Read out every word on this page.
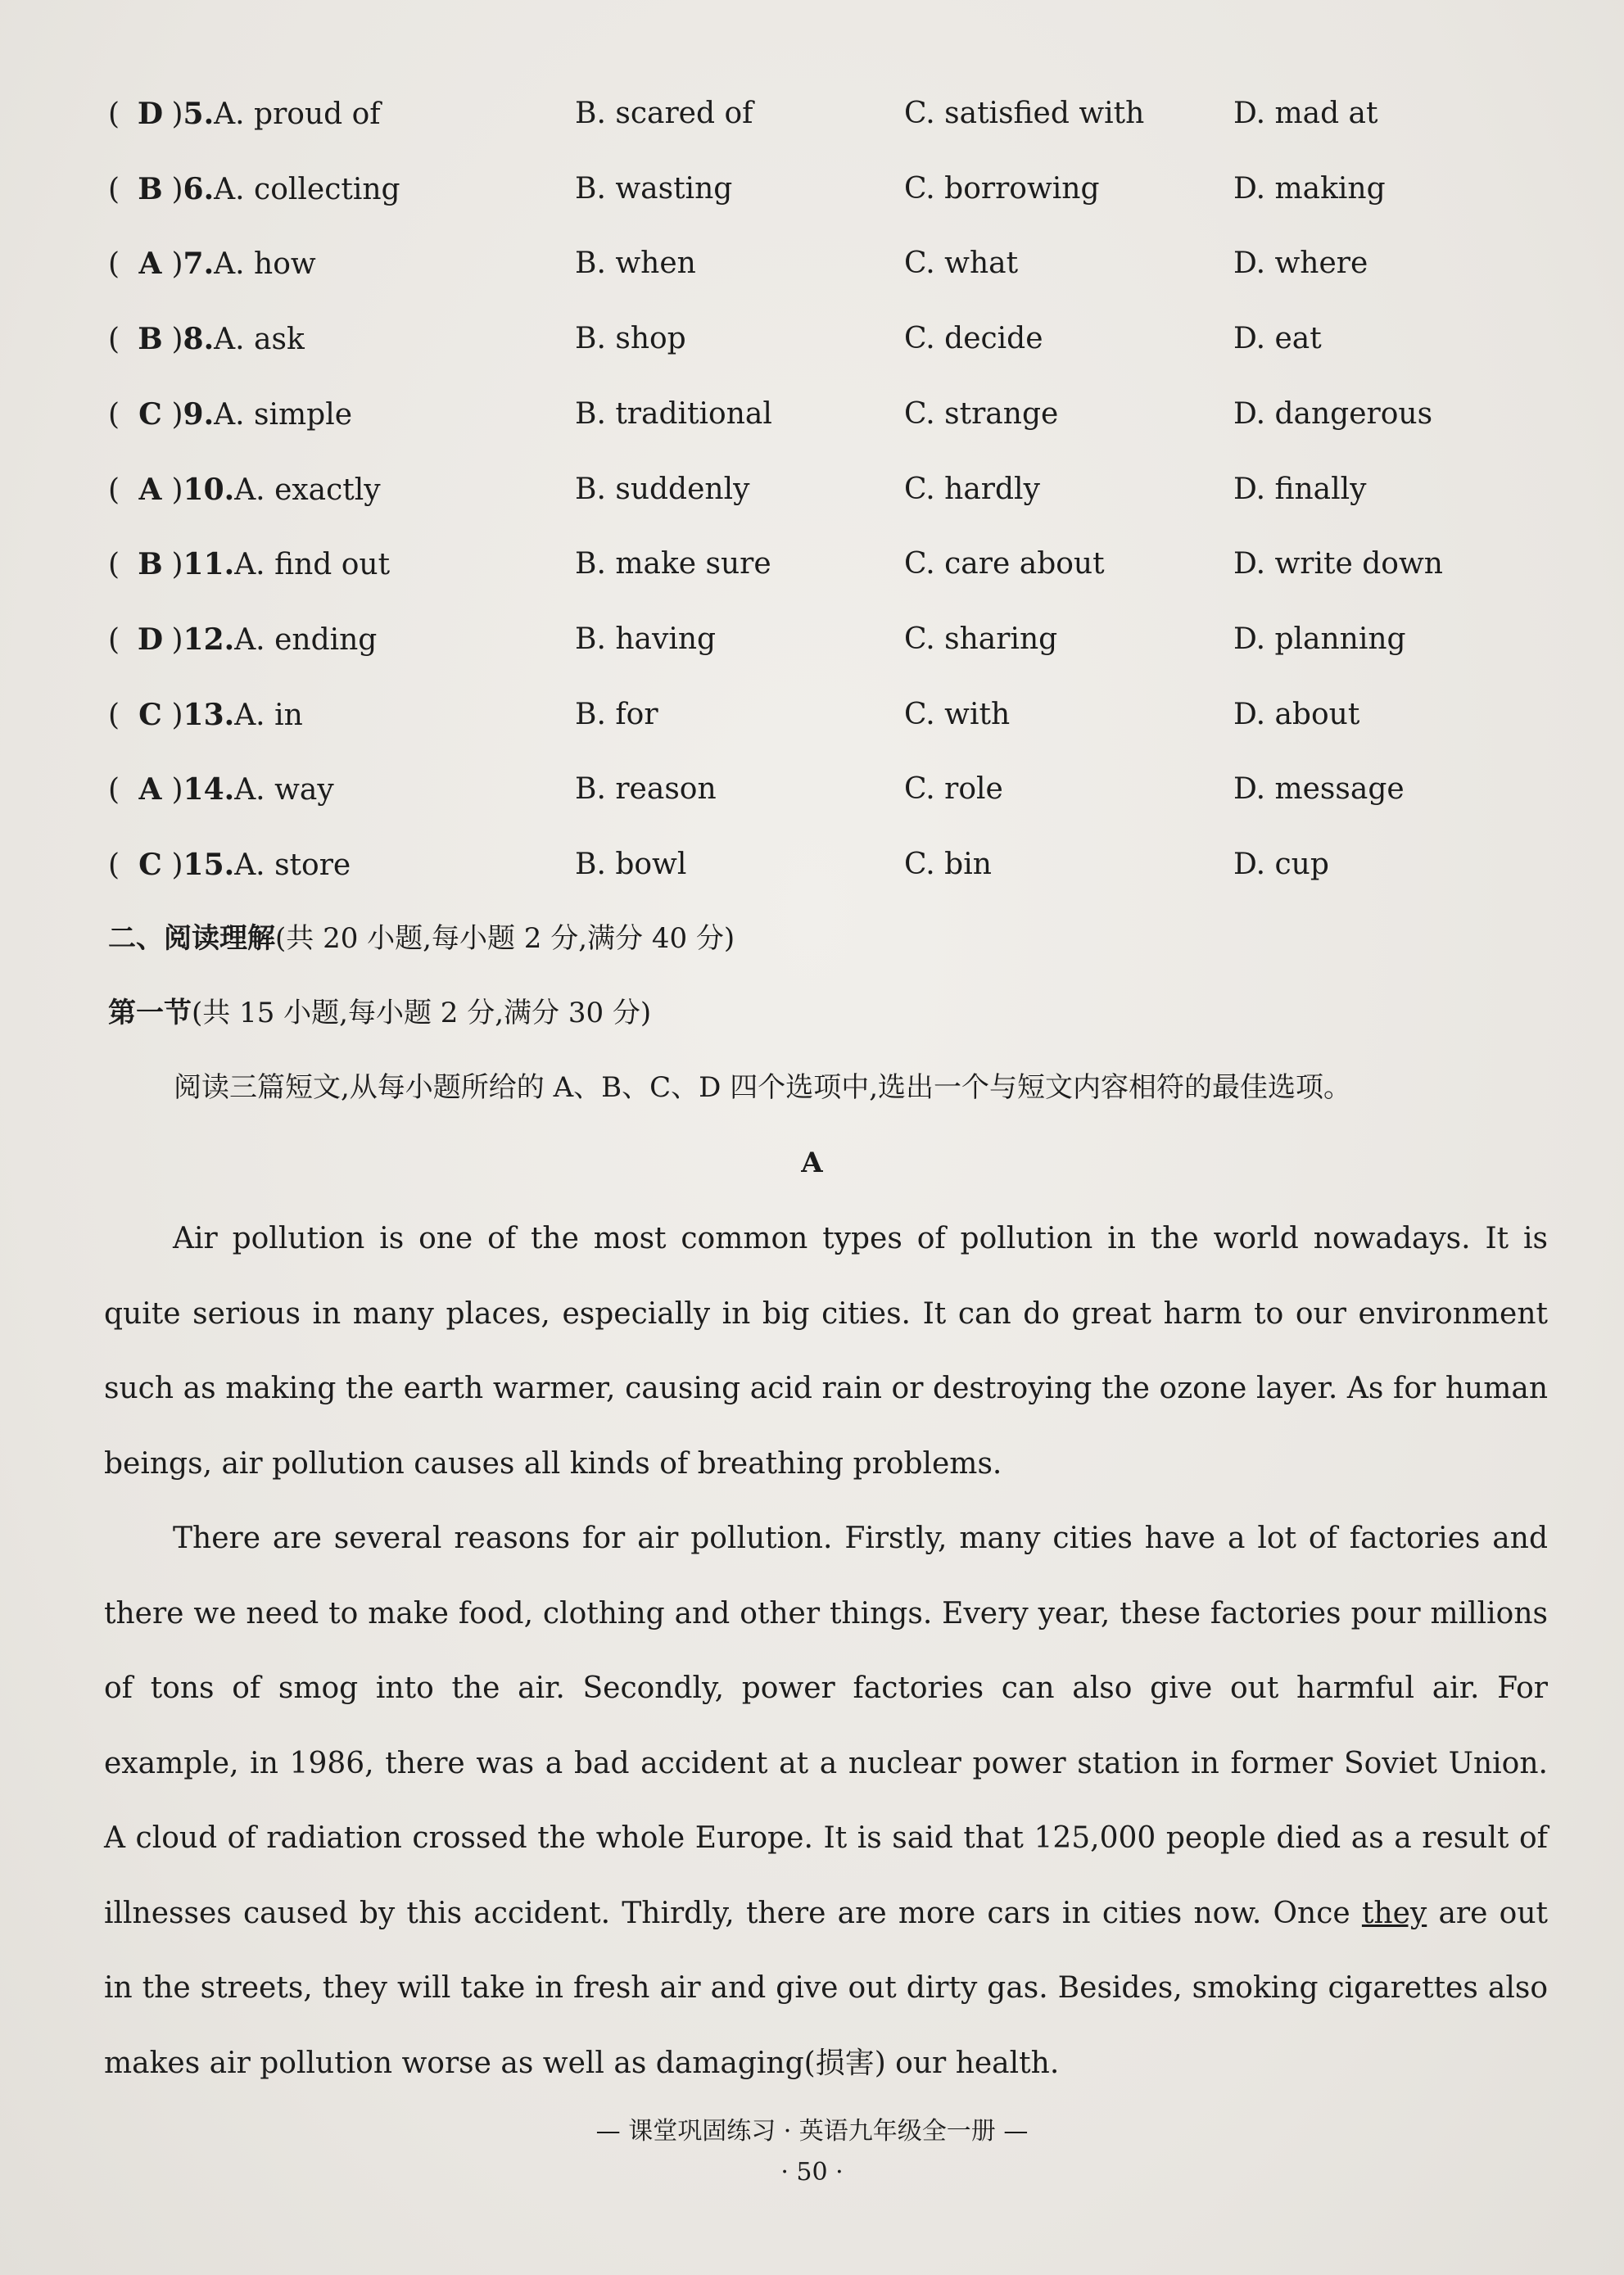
( D )5.A. proud of	B. scared of	C. satisfied with	D. mad at
( B )6.A. collecting	B. wasting	C. borrowing	D. making
( A )7.A. how	B. when	C. what	D. where
( B )8.A. ask	B. shop	C. decide	D. eat
( C )9.A. simple	B. traditional	C. strange	D. dangerous
( A )10.A. exactly	B. suddenly	C. hardly	D. finally
( B )11.A. find out	B. make sure	C. care about	D. write down
( D )12.A. ending	B. having	C. sharing	D. planning
( C )13.A. in	B. for	C. with	D. about
( A )14.A. way	B. reason	C. role	D. message
( C )15.A. store	B. bowl	C. bin	D. cup
二、阅读理解(共 20 小题,每小题 2 分,满分 40 分)
第一节(共 15 小题,每小题 2 分,满分 30 分)
阅读三篇短文,从每小题所给的 A、B、C、D 四个选项中,选出一个与短文内容相符的最佳选项。
A
Air pollution is one of the most common types of pollution in the world nowadays. It is quite serious in many places, especially in big cities. It can do great harm to our environment such as making the earth warmer, causing acid rain or destroying the ozone layer. As for human beings, air pollution causes all kinds of breathing problems.
There are several reasons for air pollution. Firstly, many cities have a lot of factories and there we need to make food, clothing and other things. Every year, these factories pour millions of tons of smog into the air. Secondly, power factories can also give out harmful air. For example, in 1986, there was a bad accident at a nuclear power station in former Soviet Union. A cloud of radiation crossed the whole Europe. It is said that 125,000 people died as a result of illnesses caused by this accident. Thirdly, there are more cars in cities now. Once they are out in the streets, they will take in fresh air and give out dirty gas. Besides, smoking cigarettes also makes air pollution worse as well as damaging(损害) our health.
— 课堂巩固练习 · 英语九年级全一册 —
· 50 ·
